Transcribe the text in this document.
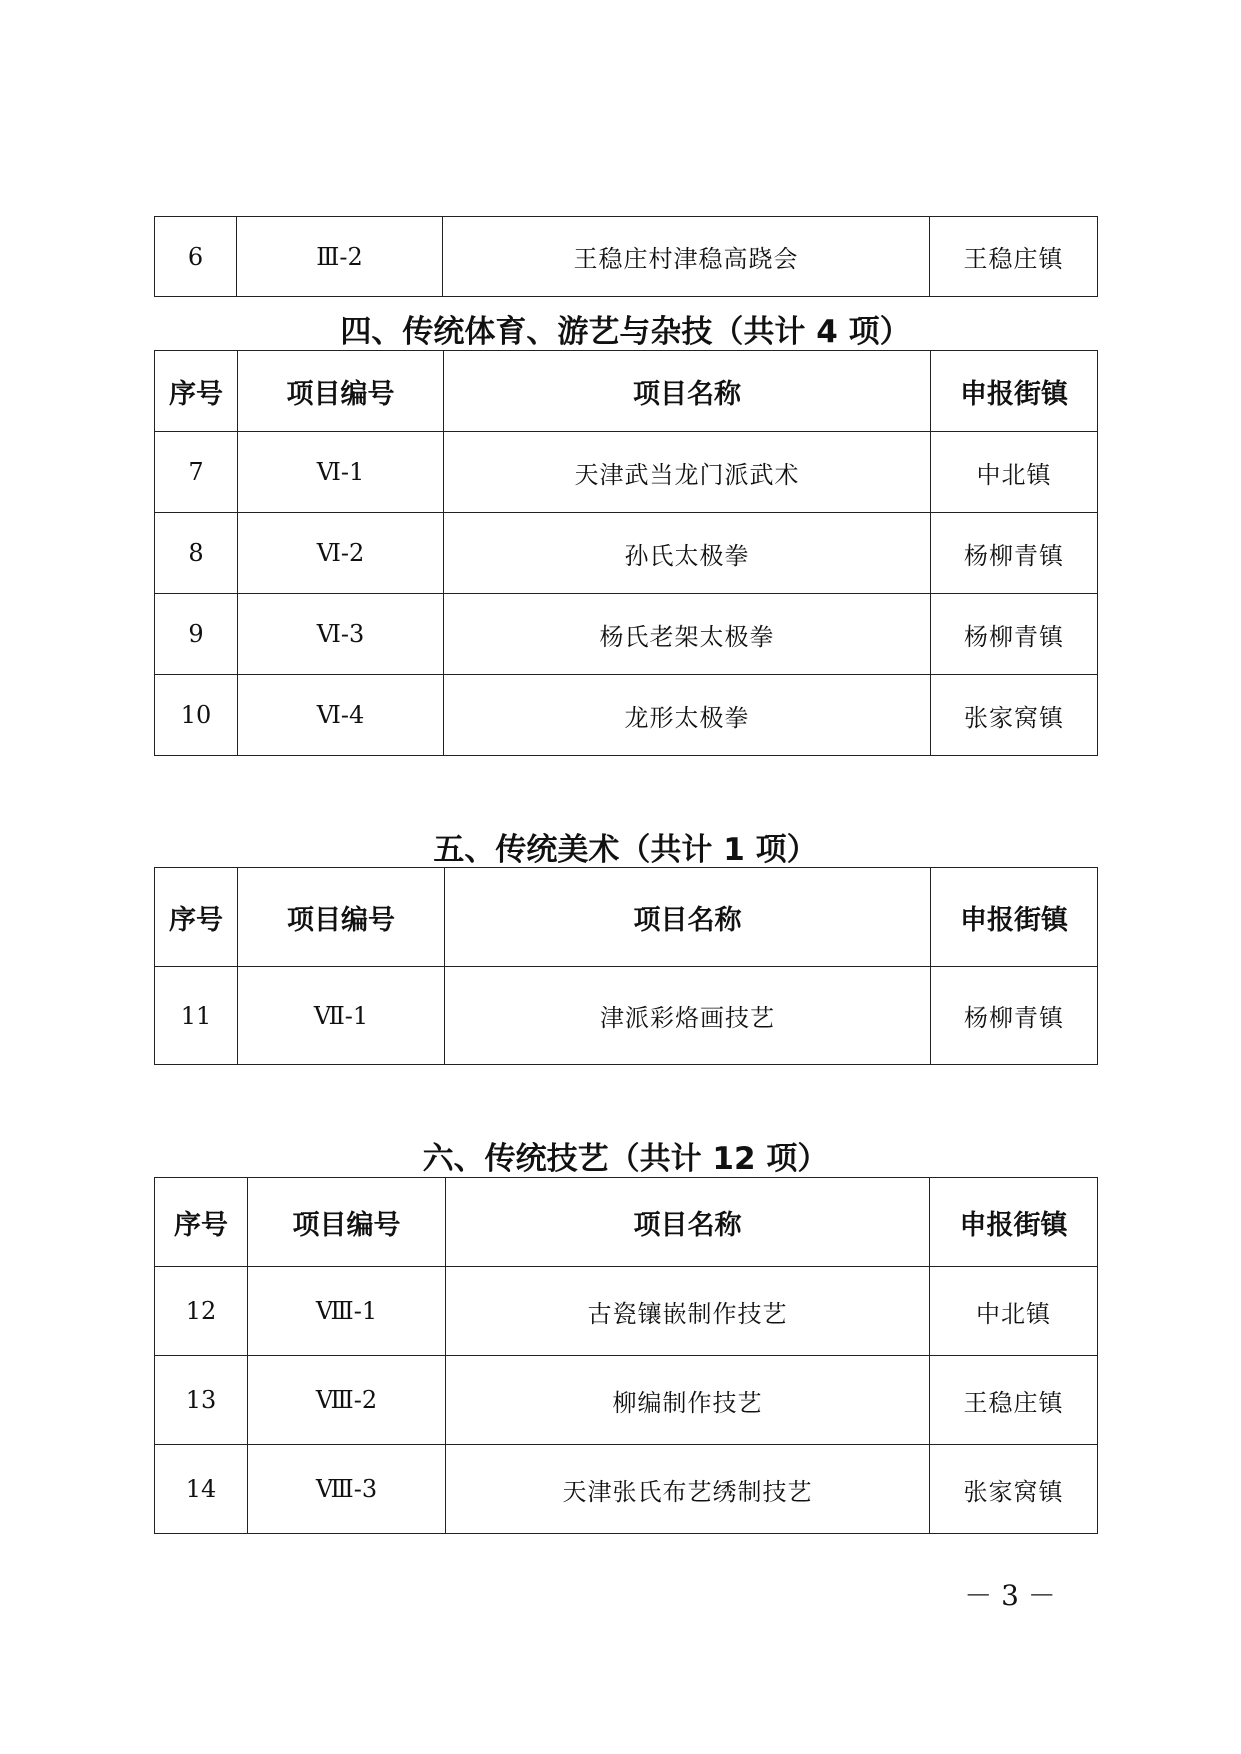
6	Ⅲ-2	王稳庄村津稳高跷会	王稳庄镇
四、传统体育、游艺与杂技（共计 4 项）
序号	项目编号	项目名称	申报街镇
7	Ⅵ-1	天津武当龙门派武术	中北镇
8	Ⅵ-2	孙氏太极拳	杨柳青镇
9	Ⅵ-3	杨氏老架太极拳	杨柳青镇
10	Ⅵ-4	龙形太极拳	张家窝镇
五、传统美术（共计 1 项）
序号	项目编号	项目名称	申报街镇
11	Ⅶ-1	津派彩烙画技艺	杨柳青镇
六、传统技艺（共计 12 项）
序号	项目编号	项目名称	申报街镇
12	Ⅷ-1	古瓷镶嵌制作技艺	中北镇
13	Ⅷ-2	柳编制作技艺	王稳庄镇
14	Ⅷ-3	天津张氏布艺绣制技艺	张家窝镇
－ 3 －
